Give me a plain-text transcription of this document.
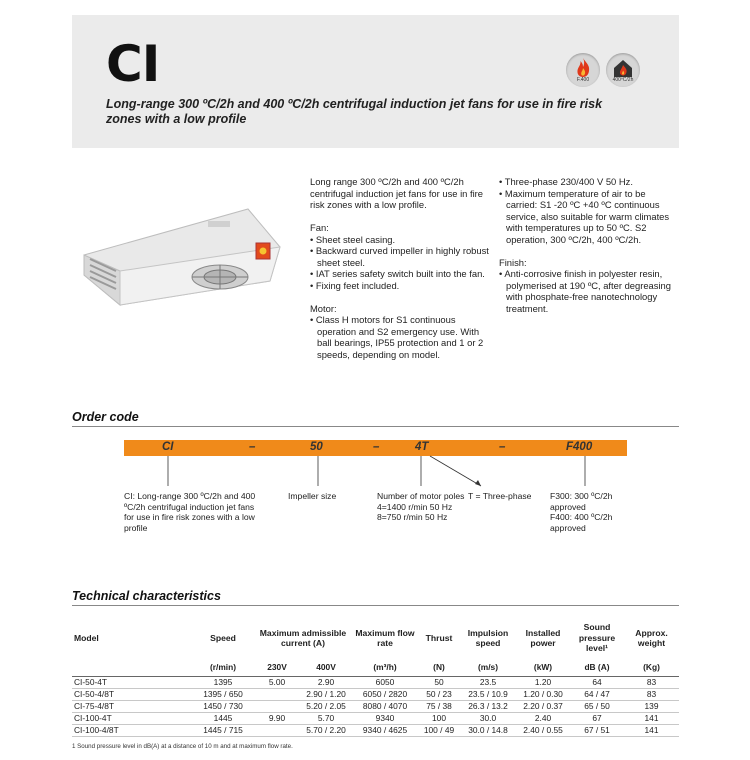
CI
Long-range 300 ºC/2h and 400 ºC/2h centrifugal induction jet fans for use in fire risk zones with a low profile
F.400	400ºC/2h

Long range 300 ºC/2h and 400 ºC/2h centrifugal induction jet fans for use in fire risk zones with a low profile.

Fan:
• Sheet steel casing.
• Backward curved impeller in highly robust sheet steel.
• IAT series safety switch built into the fan.
• Fixing feet included.
Motor:
• Class H motors for S1 continuous operation and S2 emergency use. With ball bearings, IP55 protection and 1 or 2 speeds, depending on model.
• Three-phase 230/400 V 50 Hz.
• Maximum temperature of air to be carried: S1 -20 ºC +40 ºC continuous service, also suitable for warm climates with temperatures up to 50 ºC. S2 operation, 300 ºC/2h, 400 ºC/2h.
Finish:
• Anti-corrosive finish in polyester resin, polymerised at 190 ºC, after degreasing with phosphate-free nanotechnology treatment.
Order code
CI	–	50	–	4T	–	F400
CI: Long-range 300 ºC/2h and 400 ºC/2h centrifugal induction jet fans for use in fire risk zones with a low profile
Impeller size	Number of motor poles
4=1400 r/min 50 Hz
8=750 r/min 50 Hz
T = Three-phase	F300: 300 ºC/2h approved
F400: 400 ºC/2h approved
Technical characteristics
Model	Speed	Maximum admissible current (A)		Maximum flow rate	Thrust	Impulsion speed	Installed power	Sound pressure level¹	Approx. weight
	(r/min)	230V	400V	(m³/h)	(N)	(m/s)	(kW)	dB (A)	(Kg)
CI-50-4T	1395	5.00	2.90	6050	50	23.5	1.20	64	83
CI-50-4/8T	1395 / 650		2.90 / 1.20	6050 / 2820	50 / 23	23.5 / 10.9	1.20 / 0.30	64 / 47	83
CI-75-4/8T	1450 / 730		5.20 / 2.05	8080 / 4070	75 / 38	26.3 / 13.2	2.20 / 0.37	65 / 50	139
CI-100-4T	1445	9.90	5.70	9340	100	30.0	2.40	67	141
CI-100-4/8T	1445 / 715		5.70 / 2.20	9340 / 4625	100 / 49	30.0 / 14.8	2.40 / 0.55	67 / 51	141
1 Sound pressure level in dB(A) at a distance of 10 m and at maximum flow rate.
